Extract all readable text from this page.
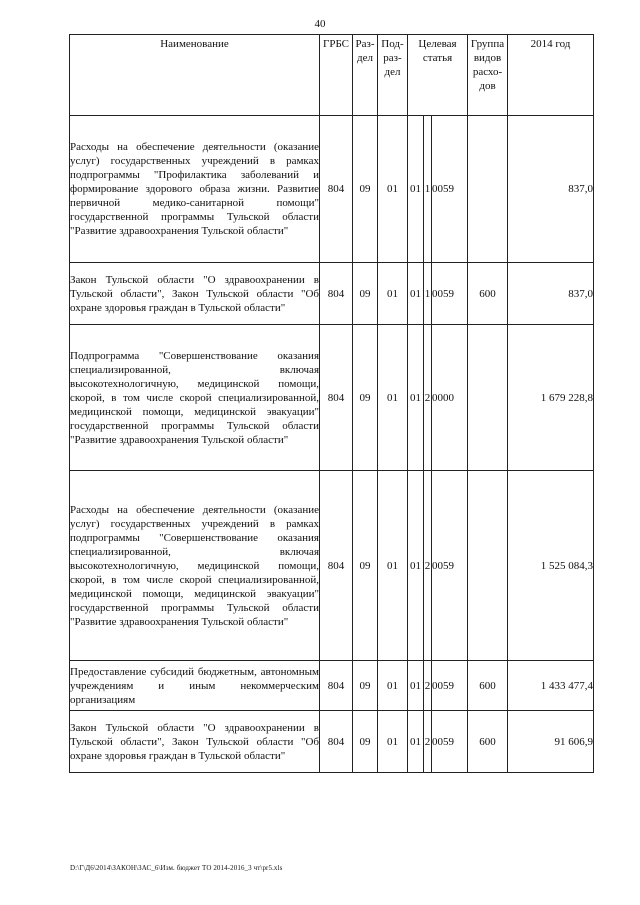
40
Наименование	ГРБС	Раз-дел	Под-раз-дел	Целевая статья			Группа видов расхо-дов	2014 год
Расходы на обеспечение деятельности (оказание услуг) государственных учреждений в рамках подпрограммы "Профилактика заболеваний и формирование здорового образа жизни. Развитие первичной медико-санитарной помощи" государственной программы Тульской области "Развитие здравоохранения Тульской области"	804	09	01	01	1	0059		837,0
Закон Тульской области "О здравоохранении в Тульской области", Закон Тульской области "Об охране здоровья граждан в Тульской области"	804	09	01	01	1	0059	600	837,0
Подпрограмма "Совершенствование оказания специализированной, включая высокотехнологичную, медицинской помощи, скорой, в том числе скорой специализированной, медицинской помощи, медицинской эвакуации" государственной программы Тульской области "Развитие здравоохранения Тульской области"	804	09	01	01	2	0000		1 679 228,8
Расходы на обеспечение деятельности (оказание услуг) государственных учреждений в рамках подпрограммы "Совершенствование оказания специализированной, включая высокотехнологичную, медицинской помощи, скорой, в том числе скорой специализированной, медицинской помощи, медицинской эвакуации" государственной программы Тульской области "Развитие здравоохранения Тульской области"	804	09	01	01	2	0059		1 525 084,3
Предоставление субсидий бюджетным, автономным учреждениям и иным некоммерческим организациям	804	09	01	01	2	0059	600	1 433 477,4
Закон Тульской области "О здравоохранении в Тульской области", Закон Тульской области "Об охране здоровья граждан в Тульской области"	804	09	01	01	2	0059	600	91 606,9
D:\Г\Д6\2014\ЗАКОН\ЗАС_6\Изм. бюджет ТО 2014-2016_3 чт\pr5.xls
